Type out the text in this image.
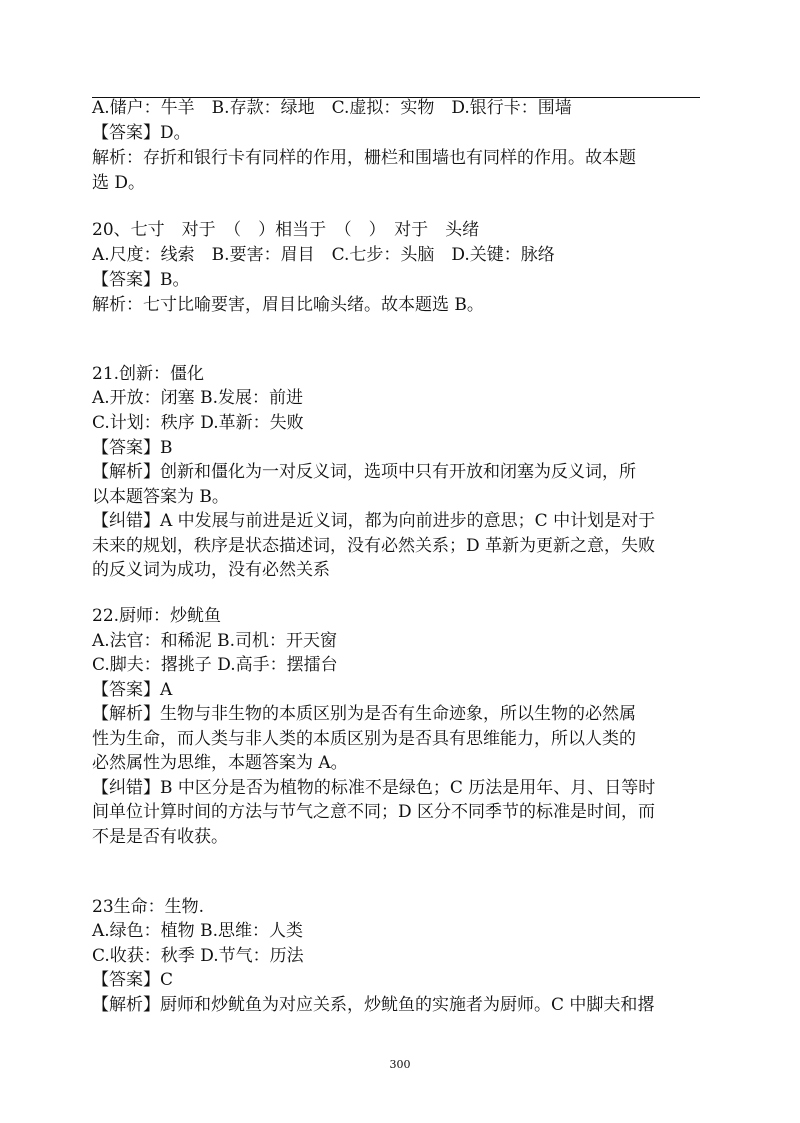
A.储户：牛羊　B.存款：绿地　C.虚拟：实物　D.银行卡：围墙
【答案】D。
解析：存折和银行卡有同样的作用，栅栏和围墙也有同样的作用。故本题
选 D。
20、七寸　对于　（　）相当于　（　）　对于　头绪
A.尺度：线索　B.要害：眉目　C.七步：头脑　D.关键：脉络
【答案】B。
解析：七寸比喻要害，眉目比喻头绪。故本题选 B。
21.创新：僵化
A.开放：闭塞 B.发展：前进
C.计划：秩序 D.革新：失败
【答案】B
【解析】创新和僵化为一对反义词，选项中只有开放和闭塞为反义词，所
以本题答案为 B。
【纠错】A 中发展与前进是近义词，都为向前进步的意思；C 中计划是对于
未来的规划，秩序是状态描述词，没有必然关系；D 革新为更新之意，失败
的反义词为成功，没有必然关系
22.厨师：炒鱿鱼
A.法官：和稀泥 B.司机：开天窗
C.脚夫：撂挑子 D.高手：摆擂台
【答案】A
【解析】生物与非生物的本质区别为是否有生命迹象，所以生物的必然属
性为生命，而人类与非人类的本质区别为是否具有思维能力，所以人类的
必然属性为思维，本题答案为 A。
【纠错】B 中区分是否为植物的标准不是绿色；C 历法是用年、月、日等时
间单位计算时间的方法与节气之意不同；D 区分不同季节的标准是时间，而
不是是否有收获。
23生命：生物.
A.绿色：植物 B.思维：人类
C.收获：秋季 D.节气：历法
【答案】C
【解析】厨师和炒鱿鱼为对应关系，炒鱿鱼的实施者为厨师。C 中脚夫和撂
300
